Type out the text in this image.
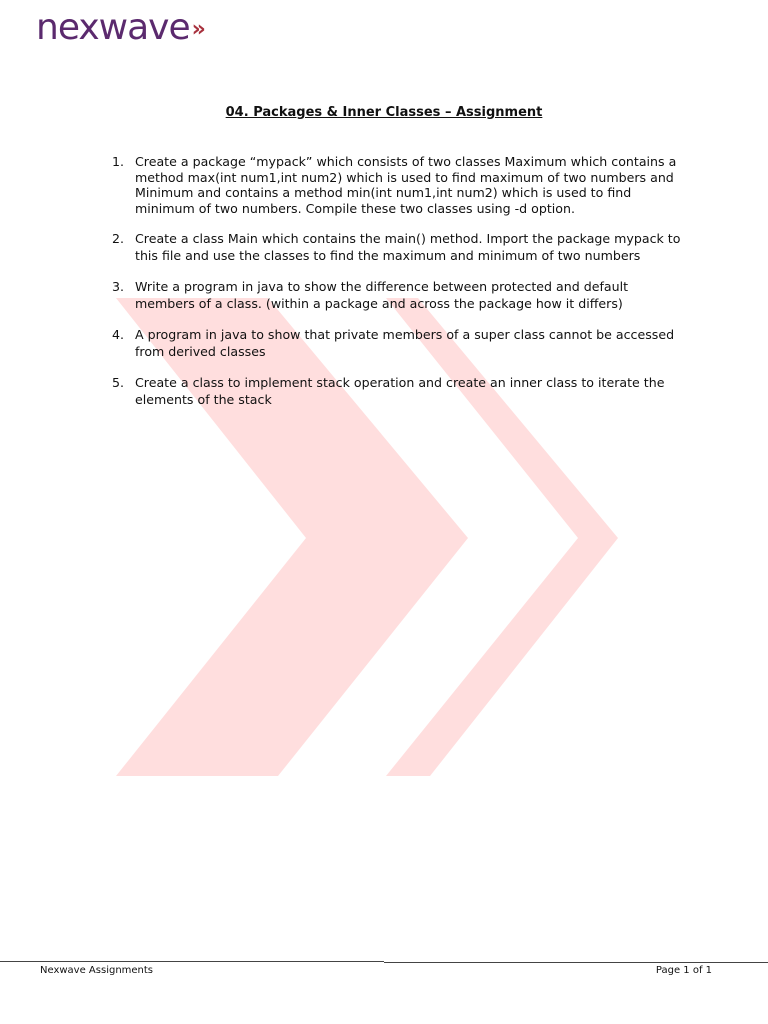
nexwave »
04. Packages & Inner Classes – Assignment
1. Create a package “mypack” which consists of two classes Maximum which contains a method max(int num1,int num2) which is used to find maximum of two numbers and Minimum and contains a method min(int num1,int num2) which is used to find minimum of two numbers. Compile these two classes using -d option.
2. Create a class Main which contains the main() method. Import the package mypack to this file and use the classes to find the maximum and minimum of two numbers
3. Write a program in java to show the difference between protected and default members of a class. (within a package and across the package how it differs)
4. A program in java to show that private members of a super class cannot be accessed from derived classes
5. Create a class to implement stack operation and create an inner class to iterate the elements of the stack
Nexwave Assignments	Page 1 of 1
